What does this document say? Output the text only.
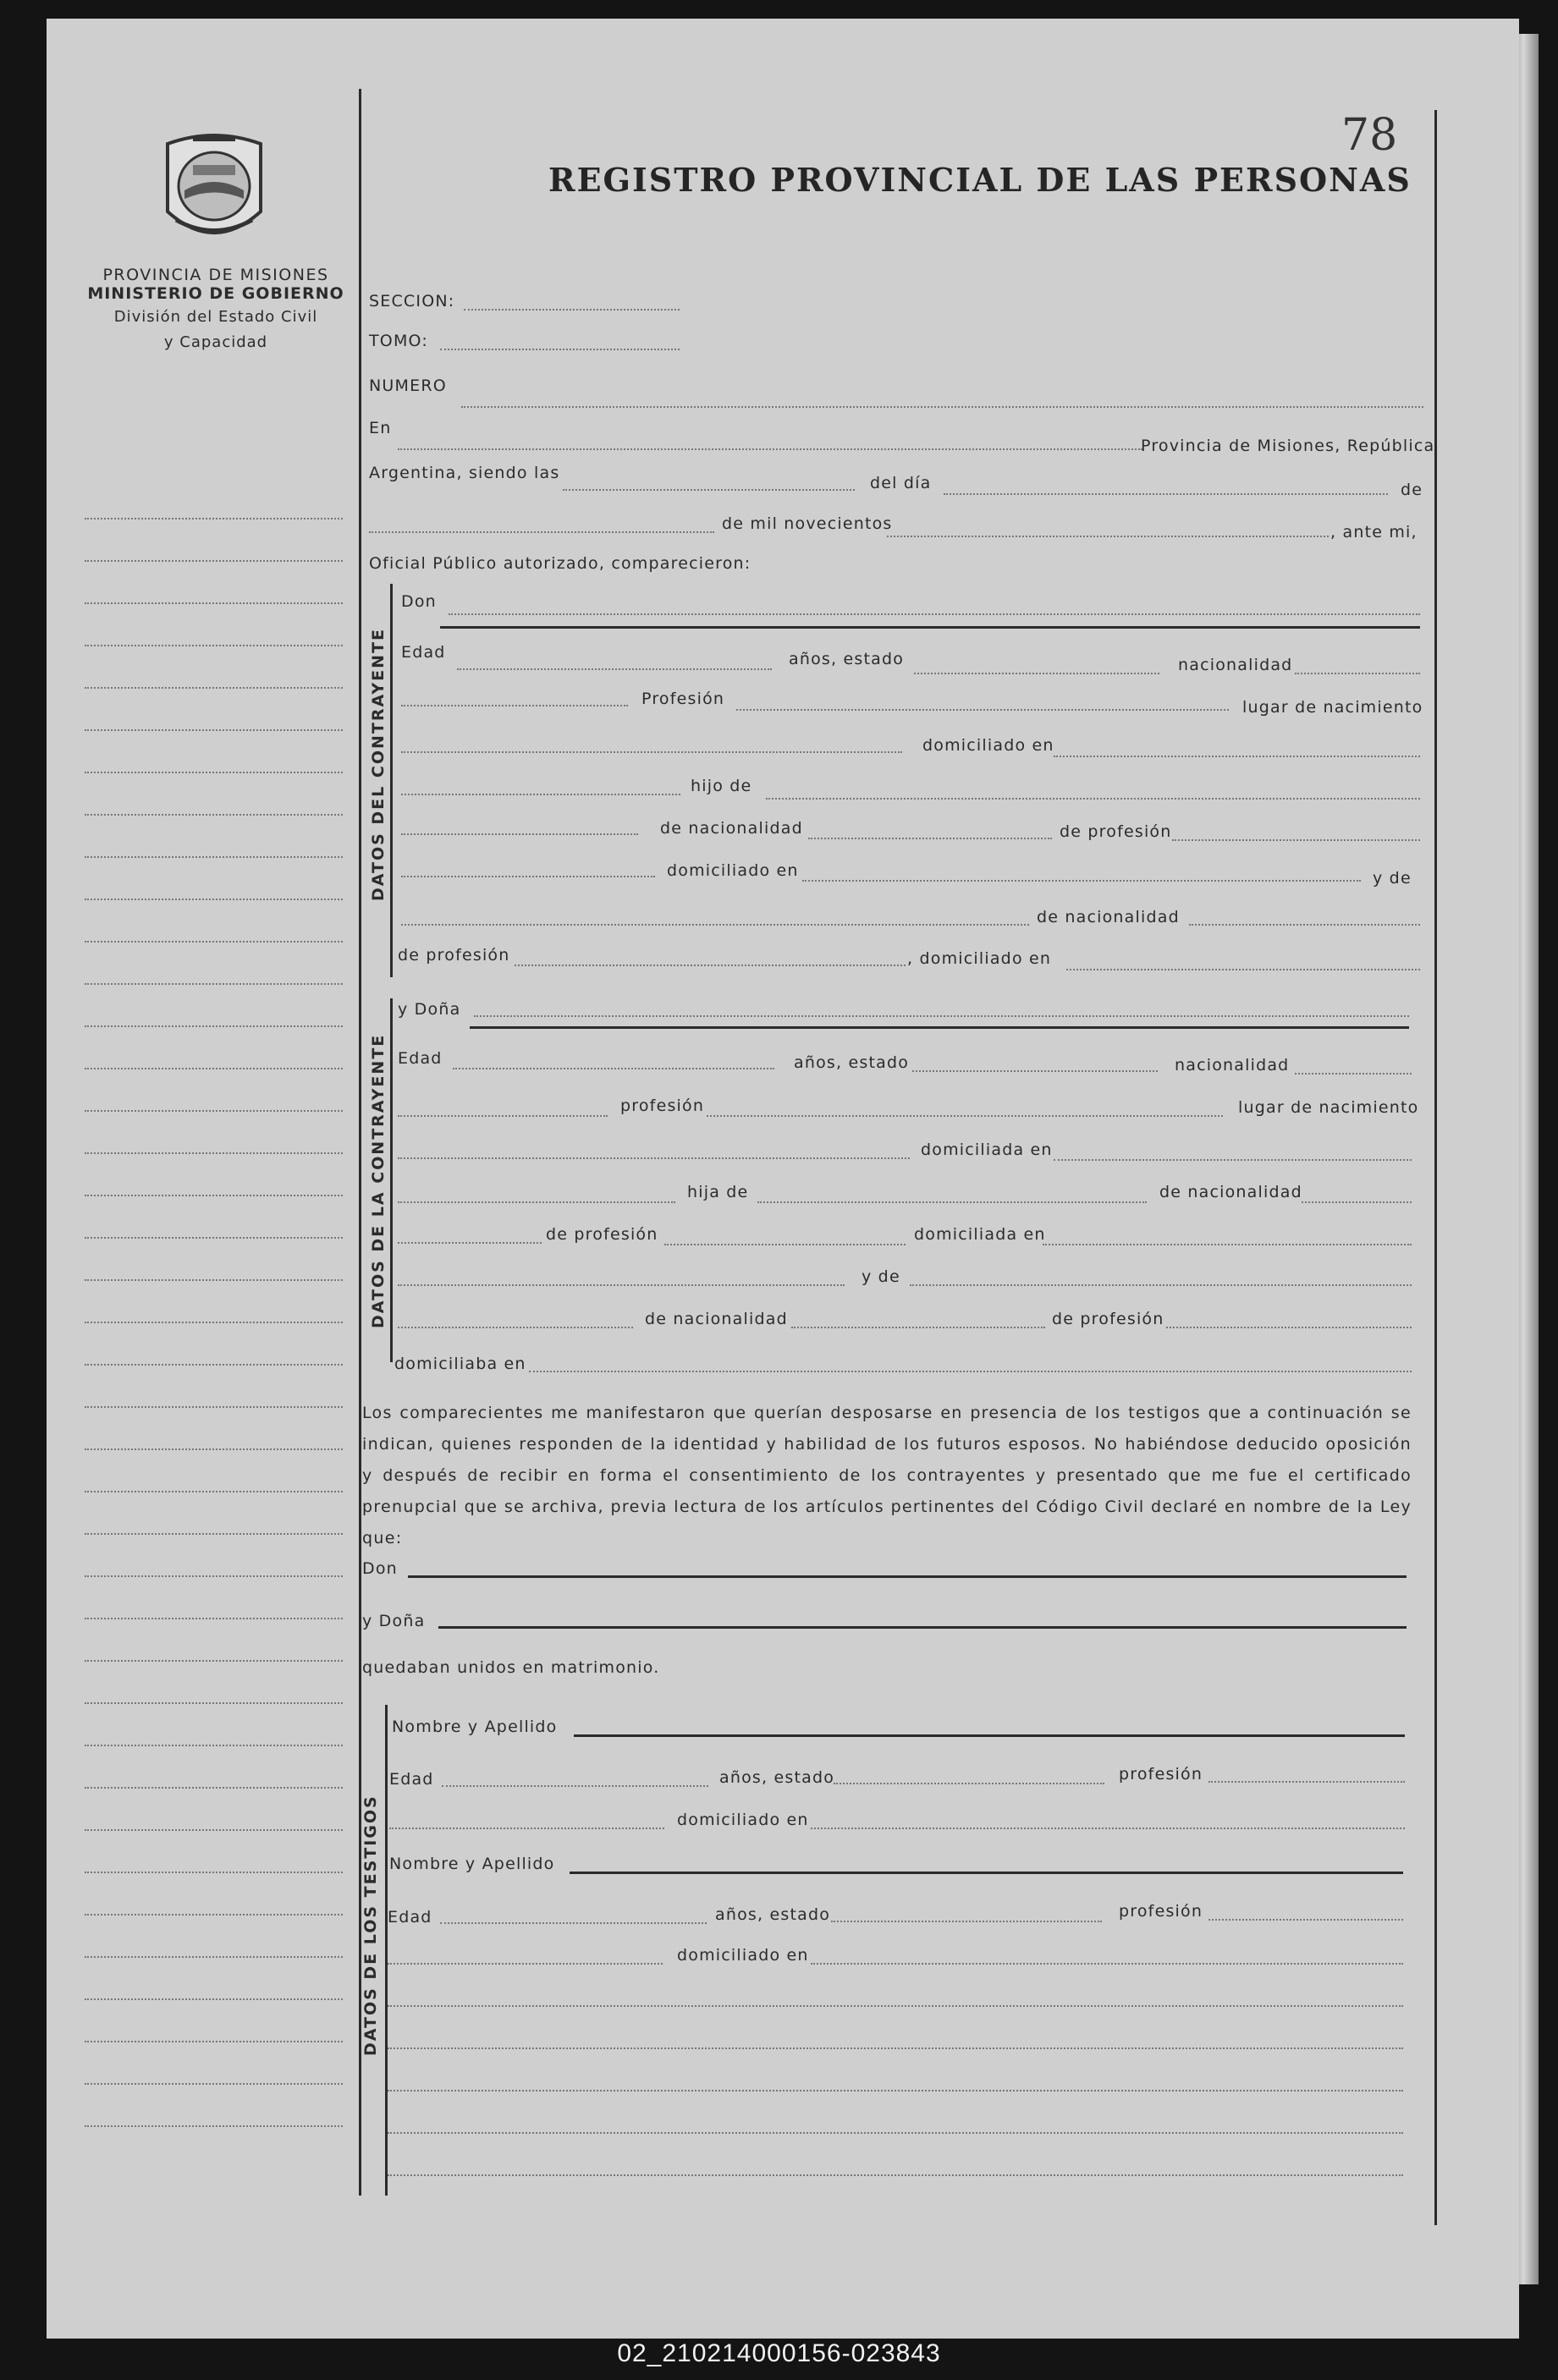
PROVINCIA DE MISIONES
MINISTERIO DE GOBIERNO
División del Estado Civil
y Capacidad
REGISTRO PROVINCIAL DE LAS PERSONAS
78
DATOS DEL CONTRAYENTE
DATOS DE LA CONTRAYENTE
DATOS DE LOS TESTIGOS
SECCION:
TOMO:
NUMERO
En
Provincia de Misiones, República
Argentina, siendo las
del día	de
de mil novecientos	, ante mi,
Oficial Público autorizado, comparecieron:
Don
Edad	años, estado	nacionalidad
Profesión	lugar de nacimiento
domiciliado en
hijo de
de nacionalidad	de profesión
domiciliado en	y de
de nacionalidad
de profesión	, domiciliado en
y Doña
Edad	años, estado	nacionalidad
profesión	lugar de nacimiento
domiciliada en
hija de	de nacionalidad
de profesión	domiciliada en
y de
de nacionalidad	de profesión
domiciliaba en
Los comparecientes me manifestaron que querían desposarse en presencia de los testigos que a continuación se indican, quienes responden de la identidad y habilidad de los futuros esposos. No habiéndose deducido oposición y después de recibir en forma el consentimiento de los contrayentes y presentado que me fue el certificado prenupcial que se archiva, previa lectura de los artículos pertinentes del Código Civil declaré en nombre de la Ley que:
Don
y Doña
quedaban unidos en matrimonio.
Nombre y Apellido
Edad	años, estado	profesión
domiciliado en
Nombre y Apellido
Edad	años, estado	profesión
domiciliado en
02_210214000156-023843
